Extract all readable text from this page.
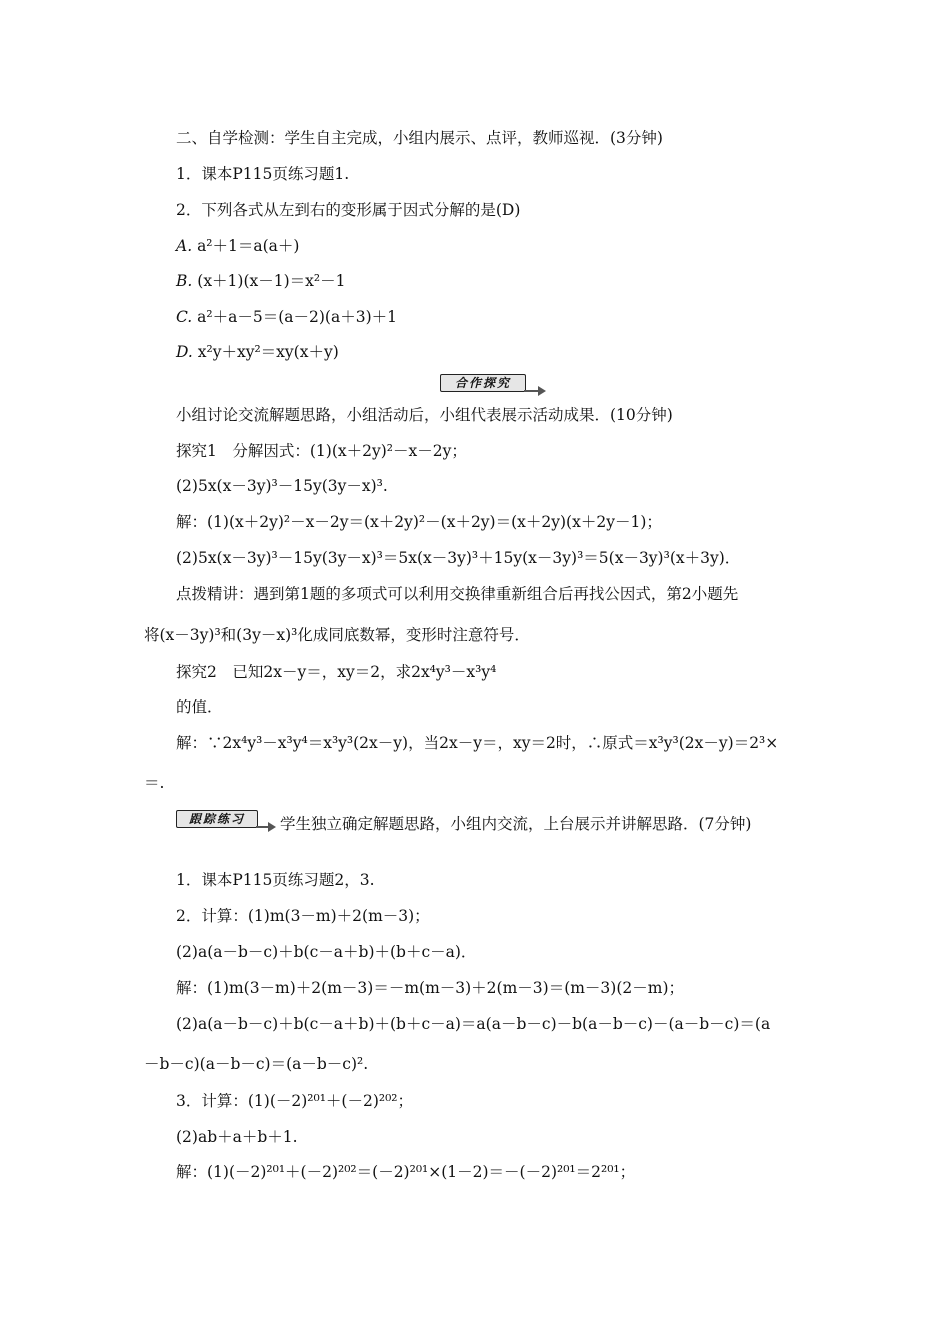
二、自学检测：学生自主完成，小组内展示、点评，教师巡视．(3分钟)
1．课本P115页练习题1.
2．下列各式从左到右的变形属于因式分解的是(D)
A. a²＋1＝a(a＋)
B. (x＋1)(x－1)＝x²－1
C. a²＋a－5＝(a－2)(a＋3)＋1
D. x²y＋xy²＝xy(x＋y)
合作探究
小组讨论交流解题思路，小组活动后，小组代表展示活动成果．(10分钟)
探究1　分解因式：(1)(x＋2y)²－x－2y；
(2)5x(x－3y)³－15y(3y－x)³.
解：(1)(x＋2y)²－x－2y＝(x＋2y)²－(x＋2y)＝(x＋2y)(x＋2y－1)；
(2)5x(x－3y)³－15y(3y－x)³＝5x(x－3y)³＋15y(x－3y)³＝5(x－3y)³(x＋3y)．
点拨精讲：遇到第1题的多项式可以利用交换律重新组合后再找公因式，第2小题先
将(x－3y)³和(3y－x)³化成同底数幂，变形时注意符号．
探究2　已知2x－y＝，xy＝2，求2x⁴y³－x³y⁴
的值．
解：∵2x⁴y³－x³y⁴＝x³y³(2x－y)，当2x－y＝，xy＝2时，∴原式＝x³y³(2x－y)＝2³×
＝.
跟踪练习	学生独立确定解题思路，小组内交流，上台展示并讲解思路．(7分钟)
1．课本P115页练习题2，3.
2．计算：(1)m(3－m)＋2(m－3)；
(2)a(a－b－c)＋b(c－a＋b)＋(b＋c－a)．
解：(1)m(3－m)＋2(m－3)＝－m(m－3)＋2(m－3)＝(m－3)(2－m)；
(2)a(a－b－c)＋b(c－a＋b)＋(b＋c－a)＝a(a－b－c)－b(a－b－c)－(a－b－c)＝(a
－b－c)(a－b－c)＝(a－b－c)².
3．计算：(1)(－2)²⁰¹＋(－2)²⁰²；
(2)ab＋a＋b＋1.
解：(1)(－2)²⁰¹＋(－2)²⁰²＝(－2)²⁰¹×(1－2)＝－(－2)²⁰¹＝2²⁰¹；
